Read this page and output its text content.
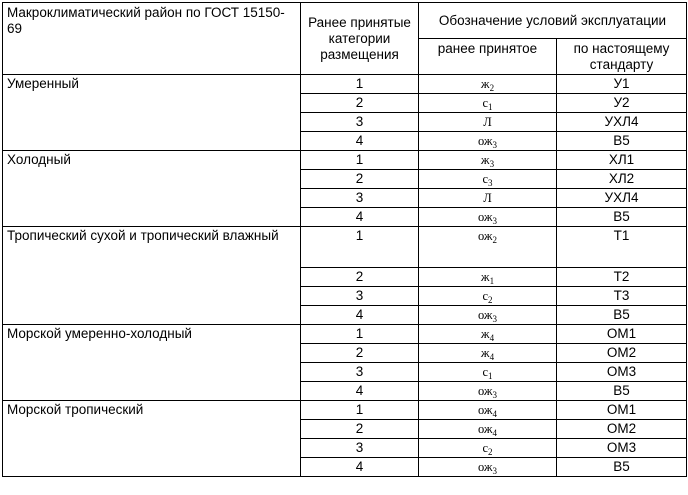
Макроклиматический район по ГОСТ 15150-69	Ранее принятые категории размещения	Обозначение условий эксплуатации	
		ранее принятое	по настоящему стандарту
Умеренный	1	$ж_2$	У1
	2	$с_1$	У2
	3	Л	УХЛ4
	4	$ож_3$	В5
Холодный	1	$ж_3$	ХЛ1
	2	$с_3$	ХЛ2
	3	Л	УХЛ4
	4	$ож_3$	В5
Тропический сухой и тропический влажный	1	$ож_2$	Т1
	2	$ж_1$	Т2
	3	$с_2$	Т3
	4	$ож_3$	В5
Морской умеренно-холодный	1	$ж_4$	ОМ1
	2	$ж_4$	ОМ2
	3	$с_1$	ОМ3
	4	$ож_3$	В5
Морской тропический	1	$ож_4$	ОМ1
	2	$ож_4$	ОМ2
	3	$с_2$	ОМ3
	4	$ож_3$	В5
